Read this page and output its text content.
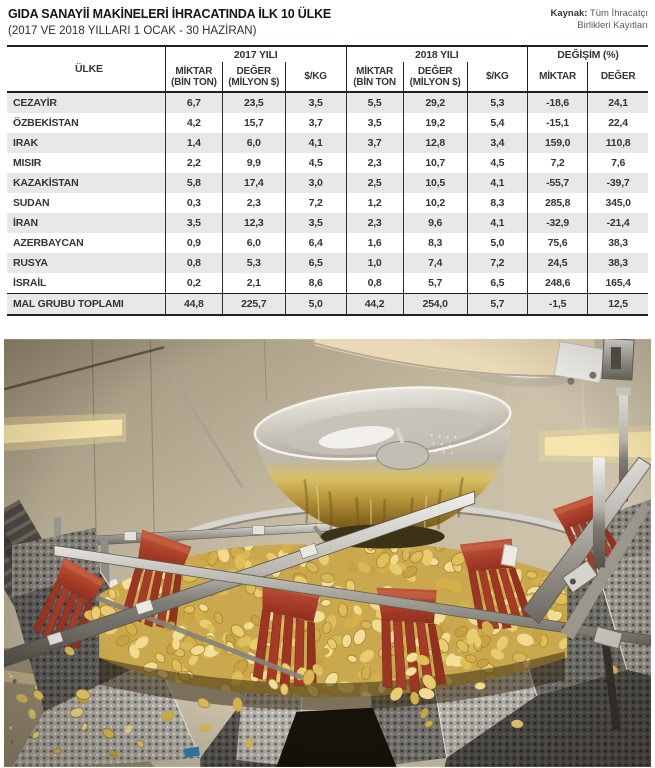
GIDA SANAYİİ MAKİNELERİ İHRACATINDA İLK 10 ÜLKE
(2017 VE 2018 YILLARI 1 OCAK - 30 HAZİRAN)
Kaynak: Tüm İhracatçı
Birlikleri Kayıtları
ÜLKE	2017 YILI			2018 YILI			DEĞİŞİM (%)	

	MİKTAR
(BİN TON)	DEĞER
(MİLYON $)	$/KG	MİKTAR
(BİN TON	DEĞER
(MİLYON $)	$/KG	MİKTAR	DEĞER

CEZAYİR	6,7	23,5	3,5	5,5	29,2	5,3	-18,6	24,1
ÖZBEKİSTAN	4,2	15,7	3,7	3,5	19,2	5,4	-15,1	22,4
IRAK	1,4	6,0	4,1	3,7	12,8	3,4	159,0	110,8
MISIR	2,2	9,9	4,5	2,3	10,7	4,5	7,2	7,6
KAZAKİSTAN	5,8	17,4	3,0	2,5	10,5	4,1	-55,7	-39,7
SUDAN	0,3	2,3	7,2	1,2	10,2	8,3	285,8	345,0
İRAN	3,5	12,3	3,5	2,3	9,6	4,1	-32,9	-21,4
AZERBAYCAN	0,9	6,0	6,4	1,6	8,3	5,0	75,6	38,3
RUSYA	0,8	5,3	6,5	1,0	7,4	7,2	24,5	38,3
İSRAİL	0,2	2,1	8,6	0,8	5,7	6,5	248,6	165,4
MAL GRUBU TOPLAMI	44,8	225,7	5,0	44,2	254,0	5,7	-1,5	12,5
